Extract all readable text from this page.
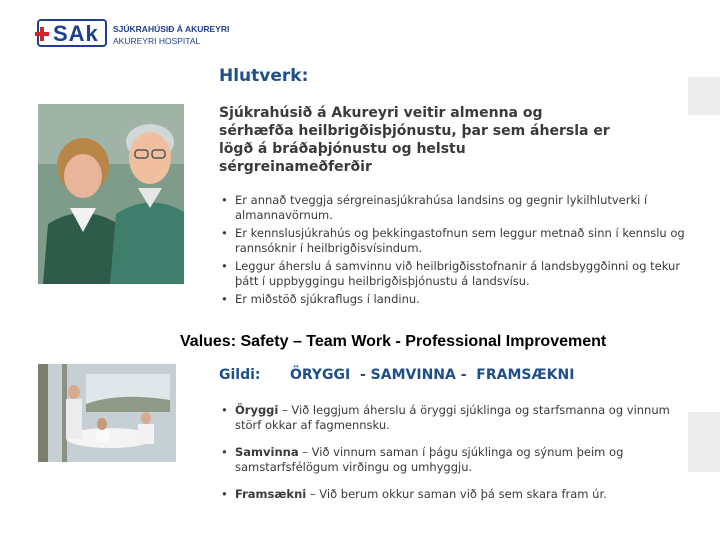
SAk SJÚKRAHÚSIÐ Á AKUREYRI
AKUREYRI HOSPITAL
Hlutverk:
Sjúkrahúsið á Akureyri veitir almenna og sérhæfða heilbrigðisþjónustu, þar sem áhersla er lögð á bráðaþjónustu og helstu sérgreinameðferðir
• Er annað tveggja sérgreinasjúkrahúsa landsins og gegnir lykilhlutverki í almannavörnum.
• Er kennslusjúkrahús og þekkingastofnun sem leggur metnað sinn í kennslu og rannsóknir í heilbrigðisvísindum.
• Leggur áherslu á samvinnu við heilbrigðisstofnanir á landsbyggðinni og tekur þátt í uppbyggingu heilbrigðisþjónustu á landsvísu.
• Er miðstöð sjúkraflugs í landinu.
Values: Safety – Team Work - Professional Improvement
Gildi: ÖRYGGI  - SAMVINNA -  FRAMSÆKNI
• Öryggi – Við leggjum áherslu á öryggi sjúklinga og starfsmanna og vinnum störf okkar af fagmennsku.
• Samvinna – Við vinnum saman í þágu sjúklinga og sýnum þeim og samstarfsfélögum virðingu og umhyggju.
• Framsækni – Við berum okkur saman við þá sem skara fram úr.
